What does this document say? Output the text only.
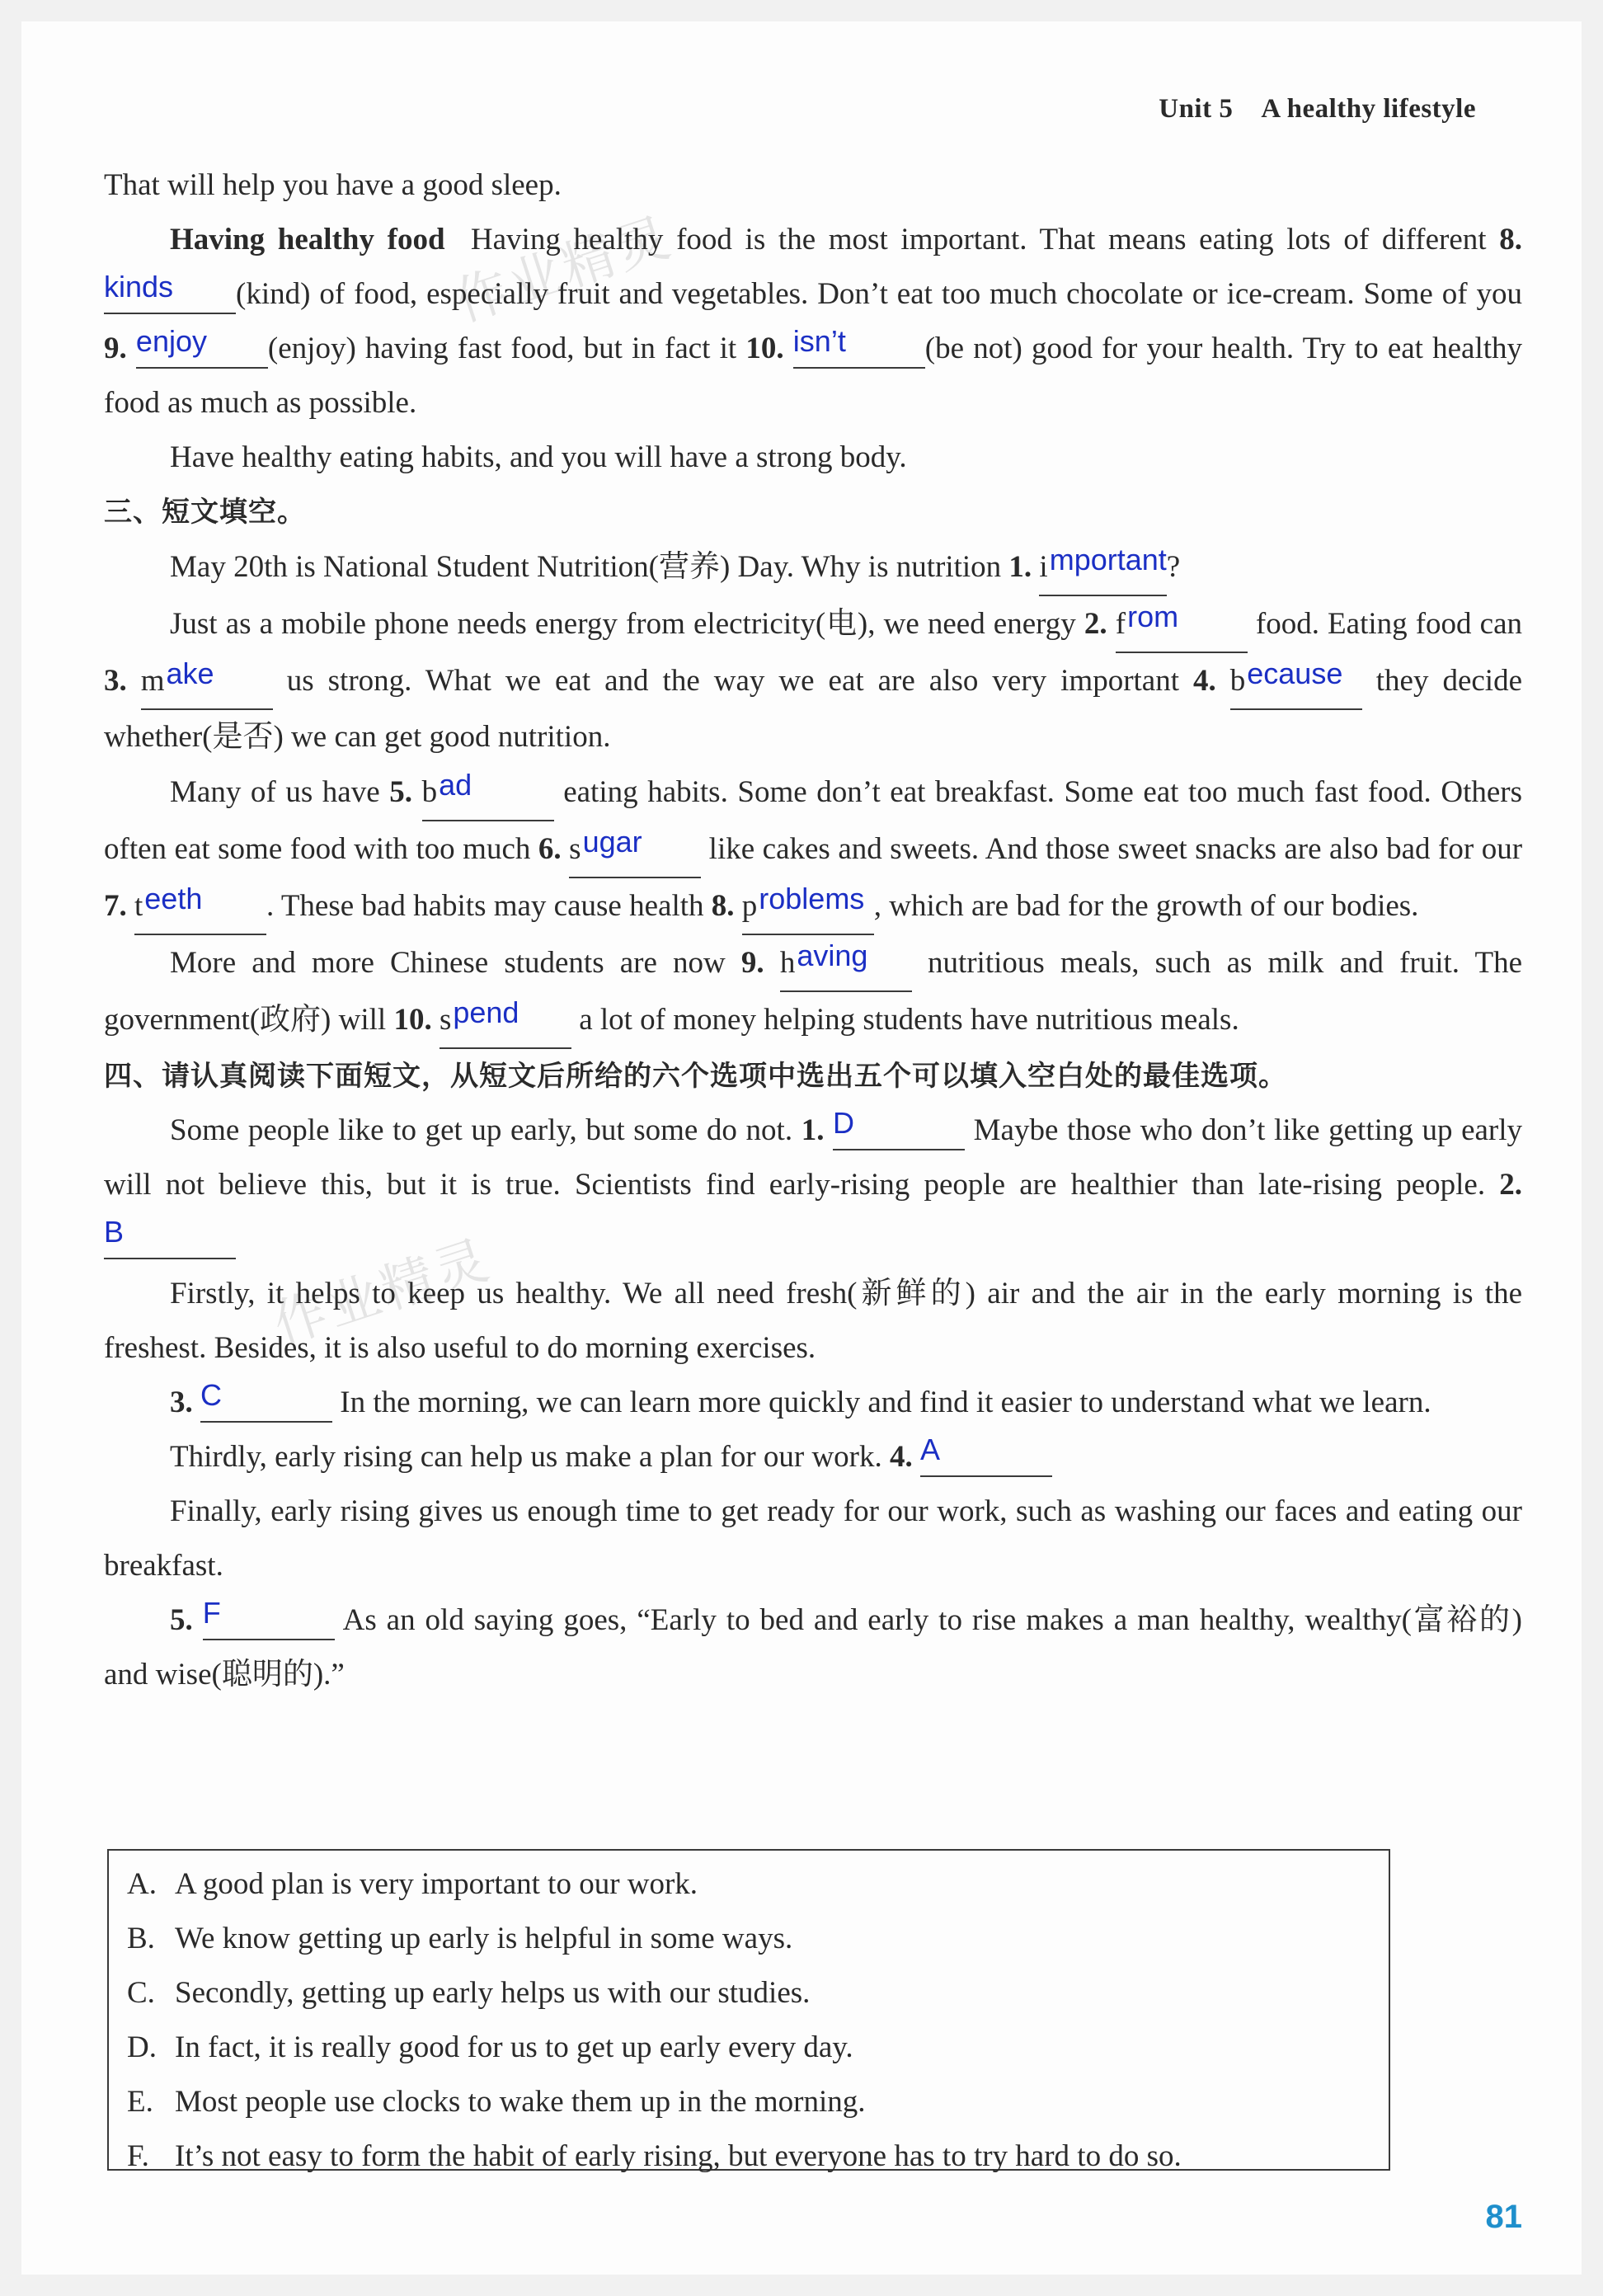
Unit 5 A healthy lifestyle
作业精灵
作业精灵

That will help you have a good sleep.

Having healthy food Having healthy food is the most important. That means eating lots of different 8. kinds (kind) of food, especially fruit and vegetables. Don’t eat too much chocolate or ice-cream. Some of you 9. enjoy (enjoy) having fast food, but in fact it 10. isn’t	(be not) good for your health. Try to eat healthy food as much as possible.

Have healthy eating habits, and you will have a strong body.

三、短文填空。

May 20th is National Student Nutrition(营养) Day. Why is nutrition 1. important?

Just as a mobile phone needs energy from electricity(电), we need energy 2. from	food. Eating food can 3. make us strong. What we eat and the way we eat are also very important 4. because they decide whether(是否) we can get good nutrition.

Many of us have 5. bad	eating habits. Some don’t eat breakfast. Some eat too much fast food. Others often eat some food with too much 6. sugar like cakes and sweets. And those sweet snacks are also bad for our 7. teeth . These bad habits may cause health 8. problems , which are bad for the growth of our bodies.

More and more Chinese students are now 9. having nutritious meals, such as milk and fruit. The government(政府) will 10. spend a lot of money helping students have nutritious meals.

四、请认真阅读下面短文，从短文后所给的六个选项中选出五个可以填入空白处的最佳选项。

Some people like to get up early, but some do not. 1. D	Maybe those who don’t like getting up early will not believe this, but it is true. Scientists find early-rising people are healthier than late-rising people. 2. B

Firstly, it helps to keep us healthy. We all need fresh(新鲜的) air and the air in the early morning is the freshest. Besides, it is also useful to do morning exercises.

3. C	In the morning, we can learn more quickly and find it easier to understand what we learn.

Thirdly, early rising can help us make a plan for our work. 4. A

Finally, early rising gives us enough time to get ready for our work, such as washing our faces and eating our breakfast.

5. F	As an old saying goes, “Early to bed and early to rise makes a man healthy, wealthy(富裕的) and wise(聪明的).”

A. A good plan is very important to our work.

B. We know getting up early is helpful in some ways.

C. Secondly, getting up early helps us with our studies.

D. In fact, it is really good for us to get up early every day.

E. Most people use clocks to wake them up in the morning.

F. It’s not easy to form the habit of early rising, but everyone has to try hard to do so.

81
